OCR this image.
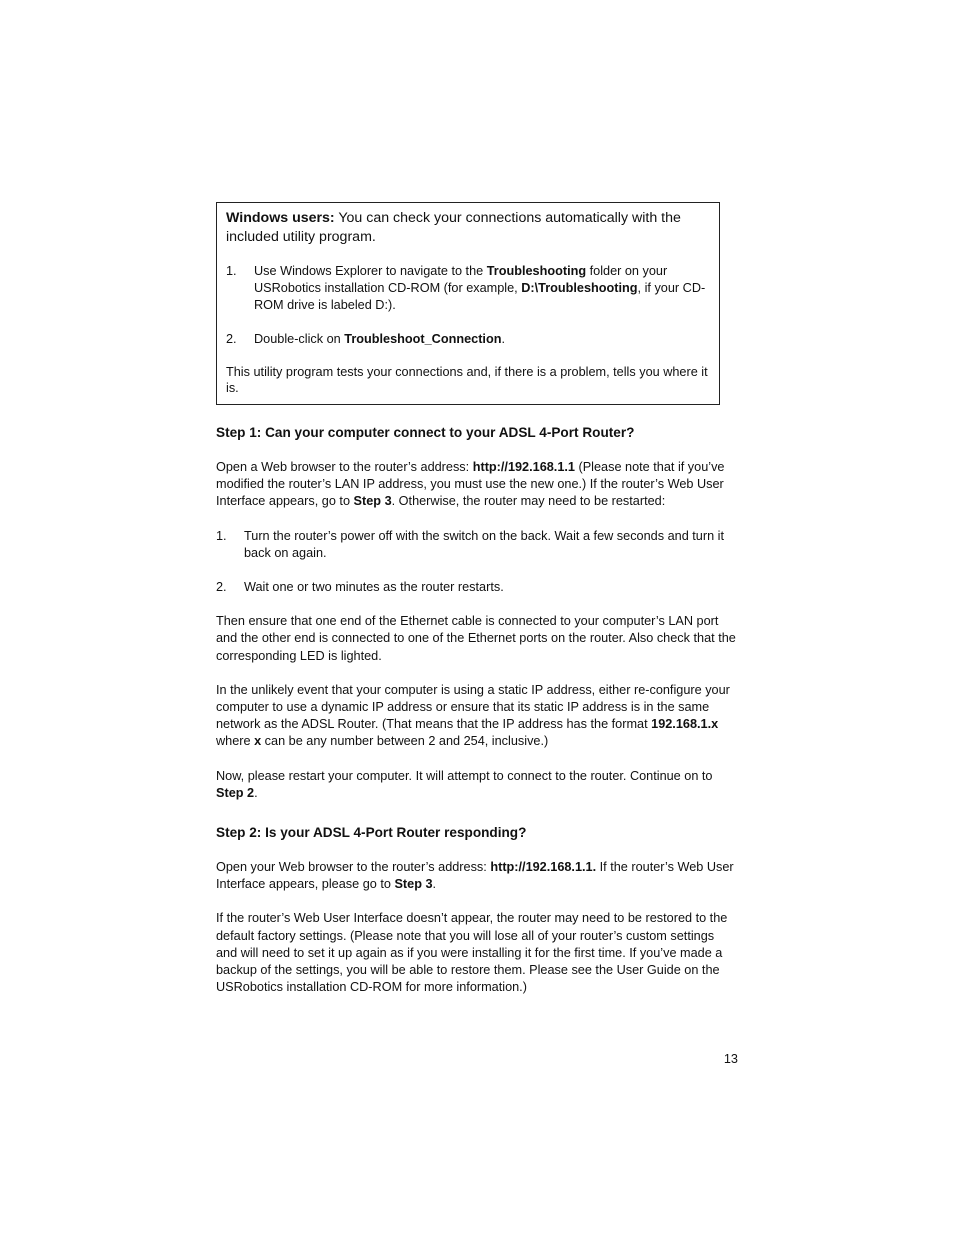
Windows users: You can check your connections automatically with the included utility program.

1. Use Windows Explorer to navigate to the Troubleshooting folder on your USRobotics installation CD-ROM (for example, D:\Troubleshooting, if your CD-ROM drive is labeled D:).
2. Double-click on Troubleshoot_Connection.

This utility program tests your connections and, if there is a problem, tells you where it is.

Step 1: Can your computer connect to your ADSL 4-Port Router?

Open a Web browser to the router’s address: http://192.168.1.1 (Please note that if you’ve modified the router’s LAN IP address, you must use the new one.) If the router’s Web User Interface appears, go to Step 3. Otherwise, the router may need to be restarted:

1. Turn the router’s power off with the switch on the back. Wait a few seconds and turn it back on again.
2. Wait one or two minutes as the router restarts.

Then ensure that one end of the Ethernet cable is connected to your computer’s LAN port and the other end is connected to one of the Ethernet ports on the router. Also check that the corresponding LED is lighted.

In the unlikely event that your computer is using a static IP address, either re-configure your computer to use a dynamic IP address or ensure that its static IP address is in the same network as the ADSL Router. (That means that the IP address has the format 192.168.1.x where x can be any number between 2 and 254, inclusive.)

Now, please restart your computer. It will attempt to connect to the router. Continue on to Step 2.

Step 2: Is your ADSL 4-Port Router responding?

Open your Web browser to the router’s address: http://192.168.1.1. If the router’s Web User Interface appears, please go to Step 3.

If the router’s Web User Interface doesn’t appear, the router may need to be restored to the default factory settings. (Please note that you will lose all of your router’s custom settings and will need to set it up again as if you were installing it for the first time. If you’ve made a backup of the settings, you will be able to restore them. Please see the User Guide on the USRobotics installation CD-ROM for more information.)

13
